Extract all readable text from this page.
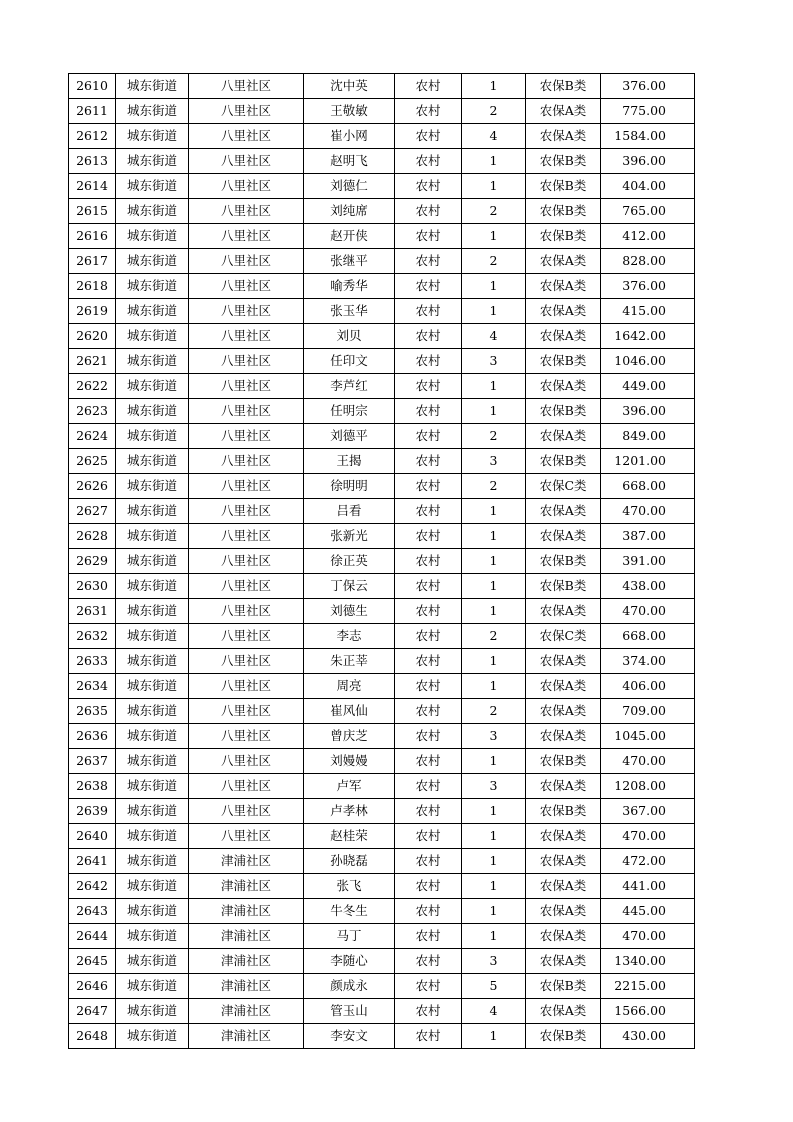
2610	城东街道	八里社区	沈中英	农村	1	农保B类	376.00
2611	城东街道	八里社区	王敬敏	农村	2	农保A类	775.00
2612	城东街道	八里社区	崔小网	农村	4	农保A类	1584.00
2613	城东街道	八里社区	赵明飞	农村	1	农保B类	396.00
2614	城东街道	八里社区	刘德仁	农村	1	农保B类	404.00
2615	城东街道	八里社区	刘纯席	农村	2	农保B类	765.00
2616	城东街道	八里社区	赵开侠	农村	1	农保B类	412.00
2617	城东街道	八里社区	张继平	农村	2	农保A类	828.00
2618	城东街道	八里社区	喻秀华	农村	1	农保A类	376.00
2619	城东街道	八里社区	张玉华	农村	1	农保A类	415.00
2620	城东街道	八里社区	刘贝	农村	4	农保A类	1642.00
2621	城东街道	八里社区	任印文	农村	3	农保B类	1046.00
2622	城东街道	八里社区	李芦红	农村	1	农保A类	449.00
2623	城东街道	八里社区	任明宗	农村	1	农保B类	396.00
2624	城东街道	八里社区	刘德平	农村	2	农保A类	849.00
2625	城东街道	八里社区	王揭	农村	3	农保B类	1201.00
2626	城东街道	八里社区	徐明明	农村	2	农保C类	668.00
2627	城东街道	八里社区	吕看	农村	1	农保A类	470.00
2628	城东街道	八里社区	张新光	农村	1	农保A类	387.00
2629	城东街道	八里社区	徐正英	农村	1	农保B类	391.00
2630	城东街道	八里社区	丁保云	农村	1	农保B类	438.00
2631	城东街道	八里社区	刘德生	农村	1	农保A类	470.00
2632	城东街道	八里社区	李志	农村	2	农保C类	668.00
2633	城东街道	八里社区	朱正莘	农村	1	农保A类	374.00
2634	城东街道	八里社区	周亮	农村	1	农保A类	406.00
2635	城东街道	八里社区	崔风仙	农村	2	农保A类	709.00
2636	城东街道	八里社区	曾庆芝	农村	3	农保A类	1045.00
2637	城东街道	八里社区	刘嫚嫚	农村	1	农保B类	470.00
2638	城东街道	八里社区	卢军	农村	3	农保A类	1208.00
2639	城东街道	八里社区	卢孝林	农村	1	农保B类	367.00
2640	城东街道	八里社区	赵桂荣	农村	1	农保A类	470.00
2641	城东街道	津浦社区	孙晓磊	农村	1	农保A类	472.00
2642	城东街道	津浦社区	张飞	农村	1	农保A类	441.00
2643	城东街道	津浦社区	牛冬生	农村	1	农保A类	445.00
2644	城东街道	津浦社区	马丁	农村	1	农保A类	470.00
2645	城东街道	津浦社区	李随心	农村	3	农保A类	1340.00
2646	城东街道	津浦社区	颜成永	农村	5	农保B类	2215.00
2647	城东街道	津浦社区	管玉山	农村	4	农保A类	1566.00
2648	城东街道	津浦社区	李安文	农村	1	农保B类	430.00
